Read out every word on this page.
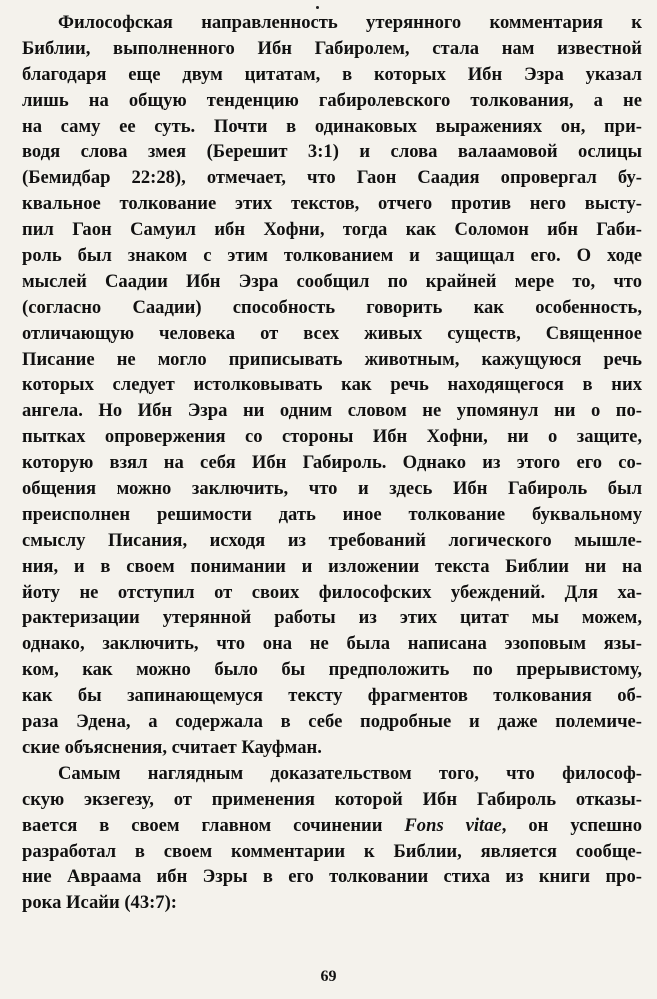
Философская направленность утерянного комментария к
Библии, выполненного Ибн Габиролем, стала нам известной
благодаря еще двум цитатам, в которых Ибн Эзра указал
лишь на общую тенденцию габиролевского толкования, а не
на саму ее суть. Почти в одинаковых выражениях он, при-
водя слова змея (Берешит 3:1) и слова валаамовой ослицы
(Бемидбар 22:28), отмечает, что Гаон Саадия опровергал бу-
квальное толкование этих текстов, отчего против него высту-
пил Гаон Самуил ибн Хофни, тогда как Соломон ибн Габи-
роль был знаком с этим толкованием и защищал его. О ходе
мыслей Саадии Ибн Эзра сообщил по крайней мере то, что
(согласно Саадии) способность говорить как особенность,
отличающую человека от всех живых существ, Священное
Писание не могло приписывать животным, кажущуюся речь
которых следует истолковывать как речь находящегося в них
ангела. Но Ибн Эзра ни одним словом не упомянул ни о по-
пытках опровержения со стороны Ибн Хофни, ни о защите,
которую взял на себя Ибн Габироль. Однако из этого его со-
общения можно заключить, что и здесь Ибн Габироль был
преисполнен решимости дать иное толкование буквальному
смыслу Писания, исходя из требований логического мышле-
ния, и в своем понимании и изложении текста Библии ни на
йоту не отступил от своих философских убеждений. Для ха-
рактеризации утерянной работы из этих цитат мы можем,
однако, заключить, что она не была написана эзоповым язы-
ком, как можно было бы предположить по прерывистому,
как бы запинающемуся тексту фрагментов толкования об-
раза Эдена, а содержала в себе подробные и даже полемиче-
ские объяснения, считает Кауфман.
Самым наглядным доказательством того, что философ-
скую экзегезу, от применения которой Ибн Габироль отказы-
вается в своем главном сочинении Fons vitae, он успешно
разработал в своем комментарии к Библии, является сообще-
ние Авраама ибн Эзры в его толковании стиха из книги про-
рока Исайи (43:7):
69
